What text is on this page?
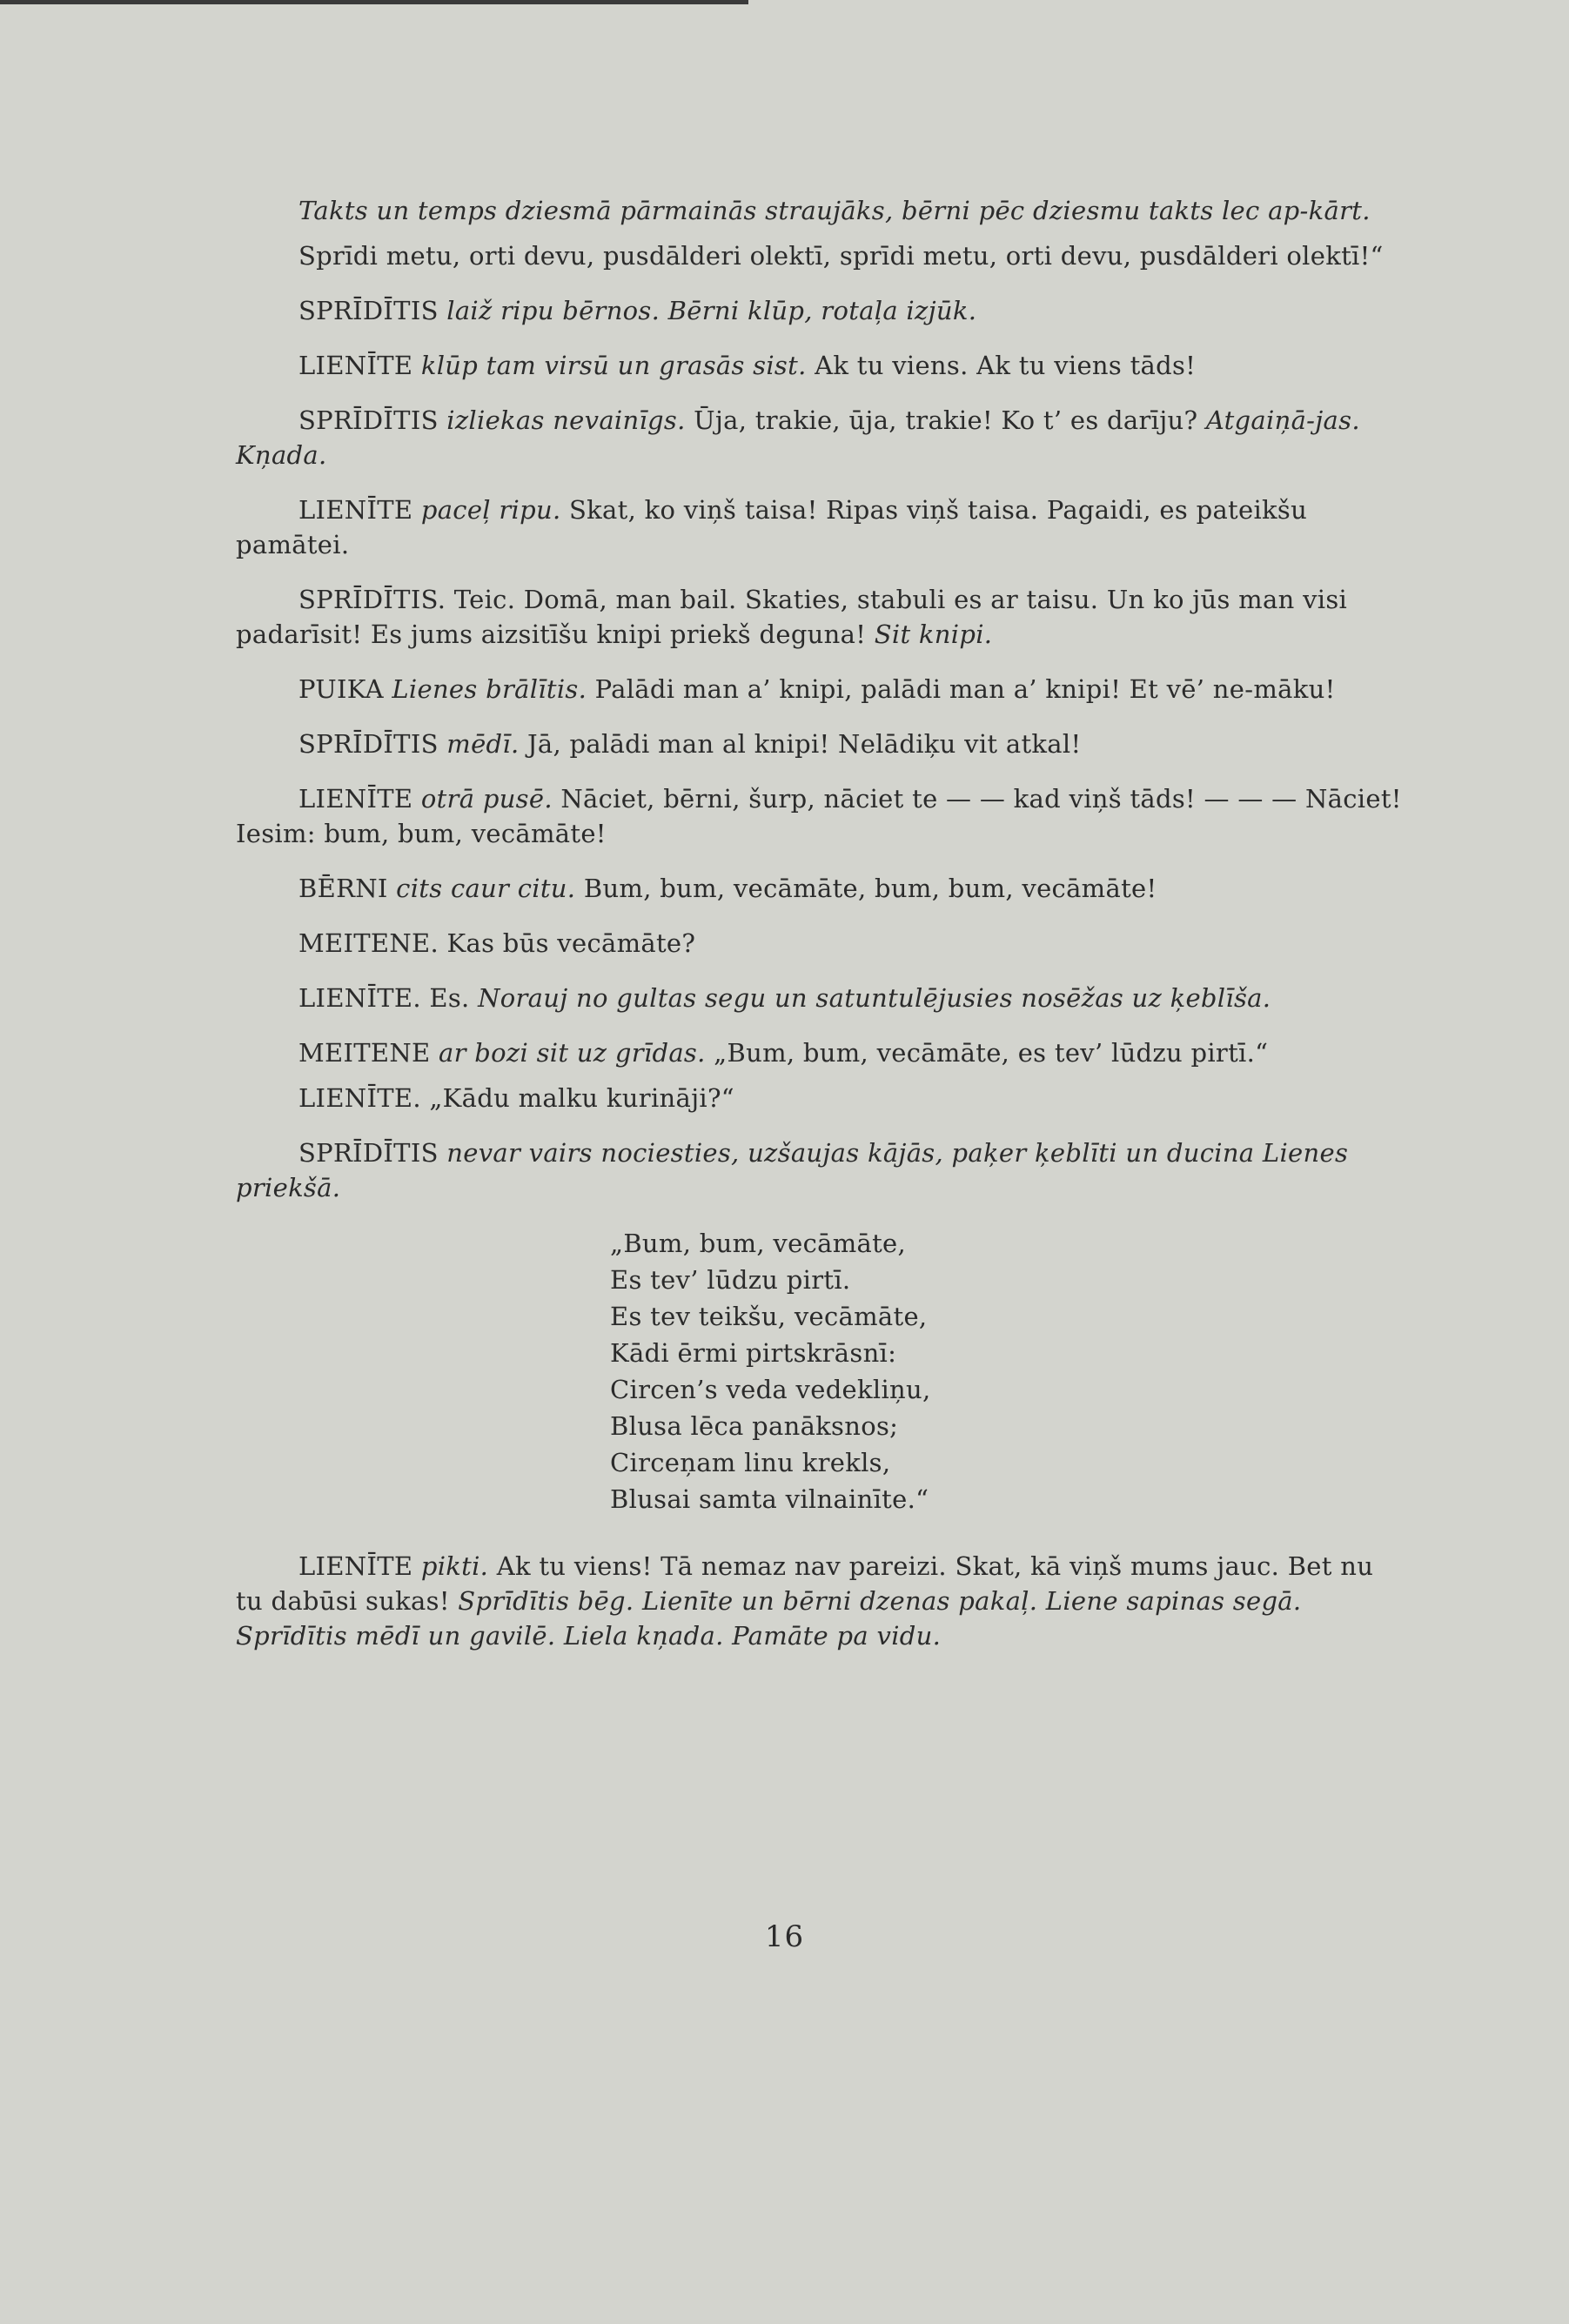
Takts un temps dziesmā pārmainās straujāks, bērni pēc dziesmu takts lec ap-kārt.

Sprīdi metu, orti devu, pusdālderi olektī, sprīdi metu, orti devu, pusdālderi olektī!“

SPRĪDĪTIS laiž ripu bērnos. Bērni klūp, rotaļa izjūk.

LIENĪTE klūp tam virsū un grasās sist. Ak tu viens. Ak tu viens tāds!

SPRĪDĪTIS izliekas nevainīgs. Ūja, trakie, ūja, trakie! Ko t’ es darīju? Atgaiņā-jas. Kņada.

LIENĪTE paceļ ripu. Skat, ko viņš taisa! Ripas viņš taisa. Pagaidi, es pateikšu pamātei.

SPRĪDĪTIS. Teic. Domā, man bail. Skaties, stabuli es ar taisu. Un ko jūs man visi padarīsit! Es jums aizsitīšu knipi priekš deguna! Sit knipi.

PUIKA Lienes brālītis. Palādi man a’ knipi, palādi man a’ knipi! Et vē’ ne-māku!

SPRĪDĪTIS mēdī. Jā, palādi man al knipi! Nelādiķu vit atkal!

LIENĪTE otrā pusē. Nāciet, bērni, šurp, nāciet te — — kad viņš tāds! — — — Nāciet! Iesim: bum, bum, vecāmāte!

BĒRNI cits caur citu. Bum, bum, vecāmāte, bum, bum, vecāmāte!

MEITENE. Kas būs vecāmāte?

LIENĪTE. Es. Norauj no gultas segu un satuntulējusies nosēžas uz ķeblīša.

MEITENE ar bozi sit uz grīdas. „Bum, bum, vecāmāte, es tev’ lūdzu pirtī.“

LIENĪTE. „Kādu malku kurināji?“

SPRĪDĪTIS nevar vairs nociesties, uzšaujas kājās, paķer ķeblīti un ducina Lienes priekšā.

„Bum, bum, vecāmāte,
Es tev’ lūdzu pirtī.
Es tev teikšu, vecāmāte,
Kādi ērmi pirtskrāsnī:
Circen’s veda vedekliņu,
Blusa lēca panāksnos;
Circeņam linu krekls,
Blusai samta vilnainīte.“

LIENĪTE pikti. Ak tu viens! Tā nemaz nav pareizi. Skat, kā viņš mums jauc. Bet nu tu dabūsi sukas! Sprīdītis bēg. Lienīte un bērni dzenas pakaļ. Liene sapinas segā. Sprīdītis mēdī un gavilē. Liela kņada. Pamāte pa vidu.

16
